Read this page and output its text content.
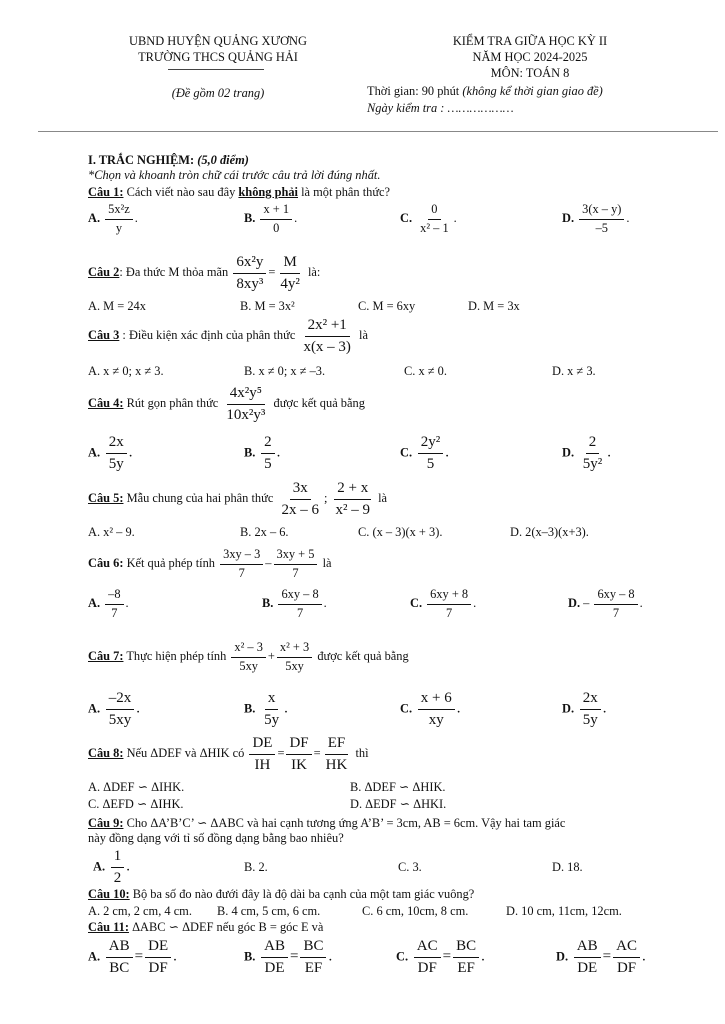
UBND HUYỆN QUẢNG XƯƠNG
TRƯỜNG THCS QUẢNG HẢI
(Đề gồm 02 trang)
KIỂM TRA GIỮA HỌC KỲ II
NĂM HỌC 2024-2025
MÔN: TOÁN 8
Thời gian: 90 phút (không kể thời gian giao đề)
Ngày kiểm tra : ………………
I. TRẮC NGHIỆM: (5,0 điểm)
*Chọn và khoanh tròn chữ cái trước câu trả lời đúng nhất.
Câu 1: Cách viết nào sau đây không phải là một phân thức?
A. $\frac{\text{5x²z}}{y}$ .	B. $\frac{x + 1}{0}$ .	C. $\frac{0}{\text{x² – 1}}$ .	D. $\frac{3(x - y)}{-5}$ .
Câu 2: Đa thức M thỏa mãn $\frac{\text{6x²y}}{\text{8xy³}} = \frac{M}{\text{4y²}}$ là:
A. M = 24x	B. M = 3x²	C. M = 6xy	D. M = 3x
Câu 3 : Điều kiện xác định của phân thức $\frac{\text{2x² +1}}{x(x - 3)}$ là
A. x ≠ 0; x ≠ 3.	B. x ≠ 0; x ≠ –3.	C. x ≠ 0.	D. x ≠ 3.
Câu 4: Rút gọn phân thức $\frac{\text{4x²y⁵}}{\text{10x²y³}}$ được kết quả bằng
A. $\frac{2x}{5y}$ .	B. $\frac{2}{5}$ .	C. $\frac{\text{2y²}}{5}$ .	D. $\frac{2}{\text{5y²}}$ .
Câu 5: Mẫu chung của hai phân thức $\frac{3x}{2x - 6}$ ; $\frac{2 + x}{\text{x² – 9}}$ là
A. x² – 9.	B. 2x – 6.	C. (x – 3)(x + 3).	D. 2(x–3)(x+3).
Câu 6: Kết quả phép tính $\frac{3xy - 3}{7} - \frac{3xy + 5}{7}$ là
A. $\frac{-8}{7}$ .	B. $\frac{6xy - 8}{7}$ .	C. $\frac{6xy + 8}{7}$ .	D. – $\frac{6xy - 8}{7}$ .
Câu 7: Thực hiện phép tính $\frac{\text{x² – 3}}{5xy} + \frac{\text{x² + 3}}{5xy}$ được kết quả bằng
A. $\frac{-2x}{5xy}$ .	B. $\frac{x}{5y}$ .	C. $\frac{x + 6}{xy}$ .	D. $\frac{2x}{5y}$ .
Câu 8: Nếu ΔDEF và ΔHIK có $\frac{DE}{IH} = \frac{DF}{IK} = \frac{EF}{HK}$ thì
A. ΔDEF ∽ ΔIHK.	B. ΔDEF ∽ ΔHIK.
C. ΔEFD ∽ ΔIHK.	D. ΔEDF ∽ ΔHKI.
Câu 9: Cho ΔA’B’C’ ∽ ΔABC và hai cạnh tương ứng A’B’ = 3cm, AB = 6cm. Vậy hai tam giác
này đồng dạng với tỉ số đồng dạng bằng bao nhiêu?
A. $\frac{1}{2}$ .	B. 2.	C. 3.	D. 18.
Câu 10: Bộ ba số đo nào đưới đây là độ dài ba cạnh của một tam giác vuông?
A. 2 cm, 2 cm, 4 cm. B. 4 cm, 5 cm, 6 cm.	C. 6 cm, 10cm, 8 cm.	D. 10 cm, 11cm, 12cm.
Câu 11: ΔABC ∽ ΔDEF nếu góc B = góc E và
A. $\frac{AB}{BC} = \frac{DE}{DF}$ .	B. $\frac{AB}{DE} = \frac{BC}{EF}$ .	C. $\frac{AC}{DF} = \frac{BC}{EF}$ .	D. $\frac{AB}{DE} = \frac{AC}{DF}$ .
